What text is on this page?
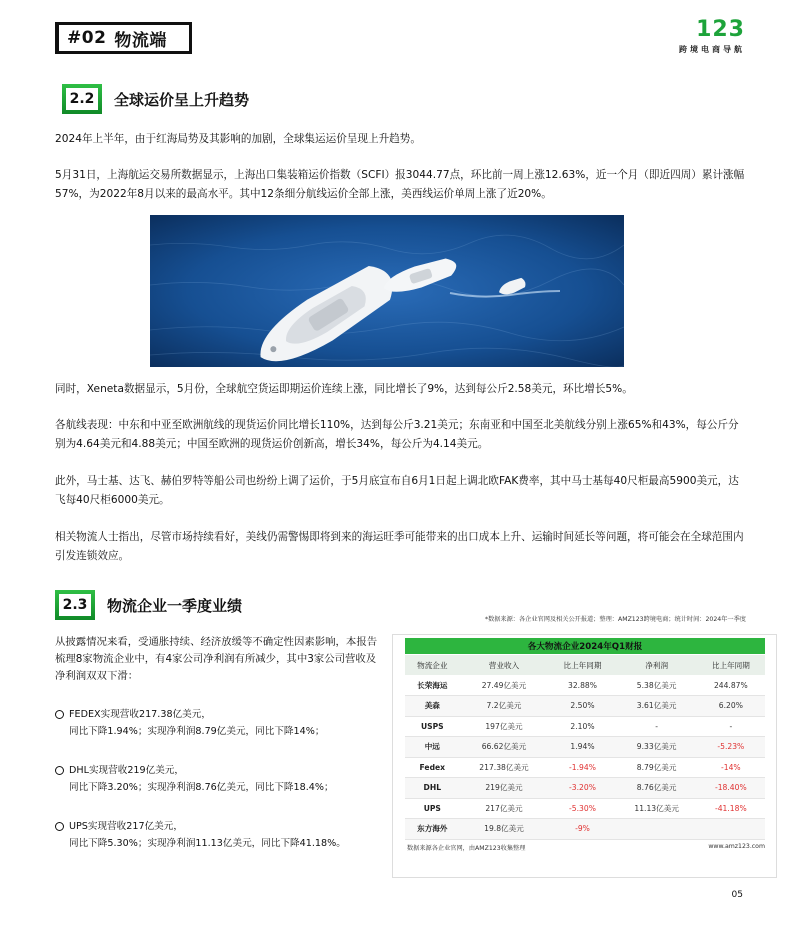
#02 物流端	123
跨境电商导航
2.2 全球运价呈上升趋势
2024年上半年，由于红海局势及其影响的加剧，全球集运运价呈现上升趋势。
5月31日，上海航运交易所数据显示，上海出口集装箱运价指数（SCFI）报3044.77点，环比前一周上涨12.63%，近一个月（即近四周）累计涨幅57%，为2022年8月以来的最高水平。其中12条细分航线运价全部上涨，美西线运价单周上涨了近20%。
同时，Xeneta数据显示，5月份，全球航空货运即期运价连续上涨，同比增长了9%，达到每公斤2.58美元，环比增长5%。
各航线表现：中东和中亚至欧洲航线的现货运价同比增长110%，达到每公斤3.21美元；东南亚和中国至北美航线分别上涨65%和43%，每公斤分别为4.64美元和4.88美元；中国至欧洲的现货运价创新高，增长34%，每公斤为4.14美元。
此外，马士基、达飞、赫伯罗特等船公司也纷纷上调了运价，于5月底宣布自6月1日起上调北欧FAK费率，其中马士基每40尺柜最高5900美元，达飞每40尺柜6000美元。
相关物流人士指出，尽管市场持续看好，美线仍需警惕即将到来的海运旺季可能带来的出口成本上升、运输时间延长等问题，将可能会在全球范围内引发连锁效应。
2.3 物流企业一季度业绩
*数据来源：各企业官网及相关公开报道；整理：AMZ123跨境电商；统计时间：2024年一季度
从披露情况来看，受通胀持续、经济放缓等不确定性因素影响，本报告梳理8家物流企业中，有4家公司净利润有所减少，其中3家公司营收及净利润双双下滑：
FEDEX实现营收217.38亿美元，
同比下降1.94%；实现净利润8.79亿美元，同比下降14%；
DHL实现营收219亿美元，
同比下降3.20%；实现净利润8.76亿美元，同比下降18.4%；
UPS实现营收217亿美元，
同比下降5.30%；实现净利润11.13亿美元，同比下降41.18%。
各大物流企业2024年Q1财报
物流企业	营业收入	比上年同期	净利润	比上年同期
长荣海运	27.49亿美元	32.88%	5.38亿美元	244.87%
美森	7.2亿美元	2.50%	3.61亿美元	6.20%
USPS	197亿美元	2.10%	-	-
中远	66.62亿美元	1.94%	9.33亿美元	-5.23%
Fedex	217.38亿美元	-1.94%	8.79亿美元	-14%
DHL	219亿美元	-3.20%	8.76亿美元	-18.40%
UPS	217亿美元	-5.30%	11.13亿美元	-41.18%
东方海外	19.8亿美元	-9%		
数据来源各企业官网，由AMZ123收集整理	www.amz123.com
05
